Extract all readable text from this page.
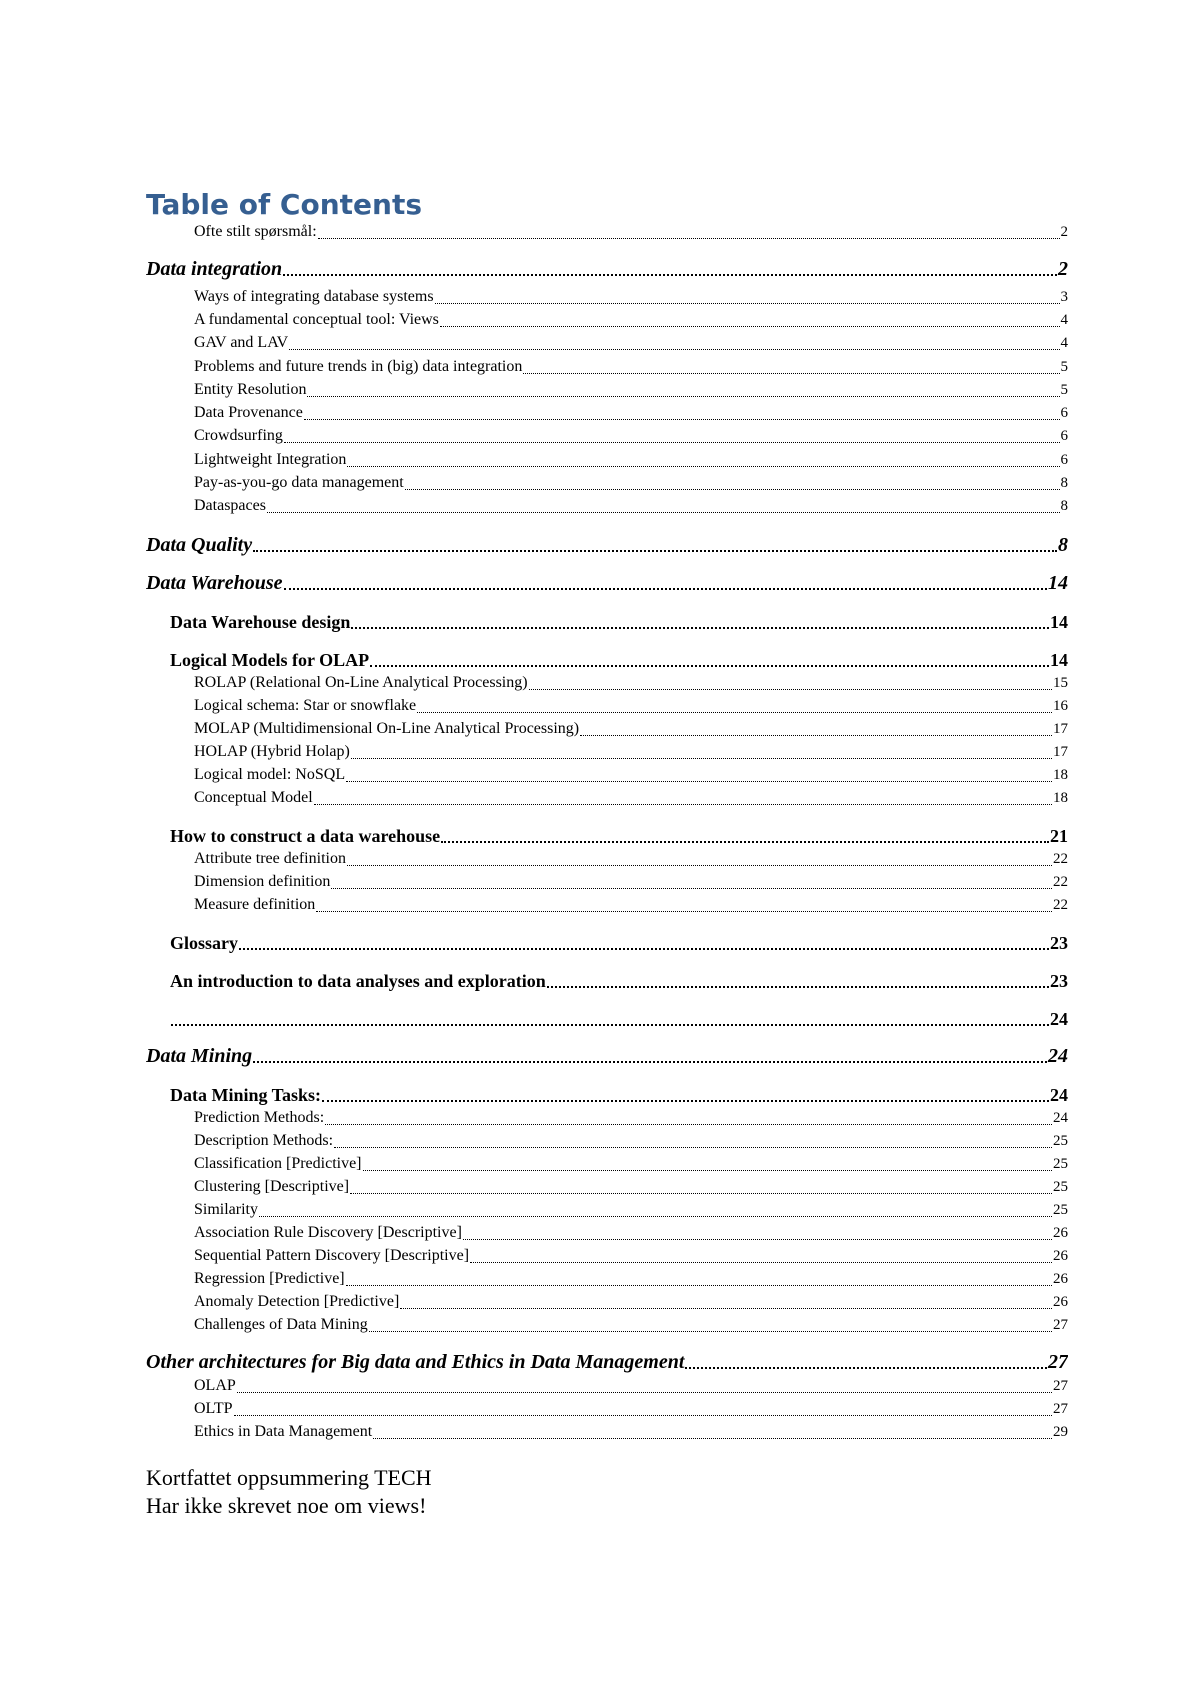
Table of Contents
Ofte stilt spørsmål:	2
Data integration	2
Ways of integrating database systems	3
A fundamental conceptual tool: Views	4
GAV and LAV	4
Problems and future trends in (big) data integration	5
Entity Resolution	5
Data Provenance	6
Crowdsurfing	6
Lightweight Integration	6
Pay-as-you-go data management	8
Dataspaces	8
Data Quality	8
Data Warehouse	14
Data Warehouse design	14
Logical Models for OLAP	14
ROLAP (Relational On-Line Analytical Processing)	15
Logical schema: Star or snowflake	16
MOLAP (Multidimensional On-Line Analytical Processing)	17
HOLAP (Hybrid Holap)	17
Logical model: NoSQL	18
Conceptual Model	18
How to construct a data warehouse	21
Attribute tree definition	22
Dimension definition	22
Measure definition	22
Glossary	23
An introduction to data analyses and exploration	23
24
Data Mining	24
Data Mining Tasks:	24
Prediction Methods:	24
Description Methods:	25
Classification [Predictive]	25
Clustering [Descriptive]	25
Similarity	25
Association Rule Discovery [Descriptive]	26
Sequential Pattern Discovery [Descriptive]	26
Regression [Predictive]	26
Anomaly Detection [Predictive]	26
Challenges of Data Mining	27
Other architectures for Big data and Ethics in Data Management	27
OLAP	27
OLTP	27
Ethics in Data Management	29

Kortfattet oppsummering TECH

Har ikke skrevet noe om views!
